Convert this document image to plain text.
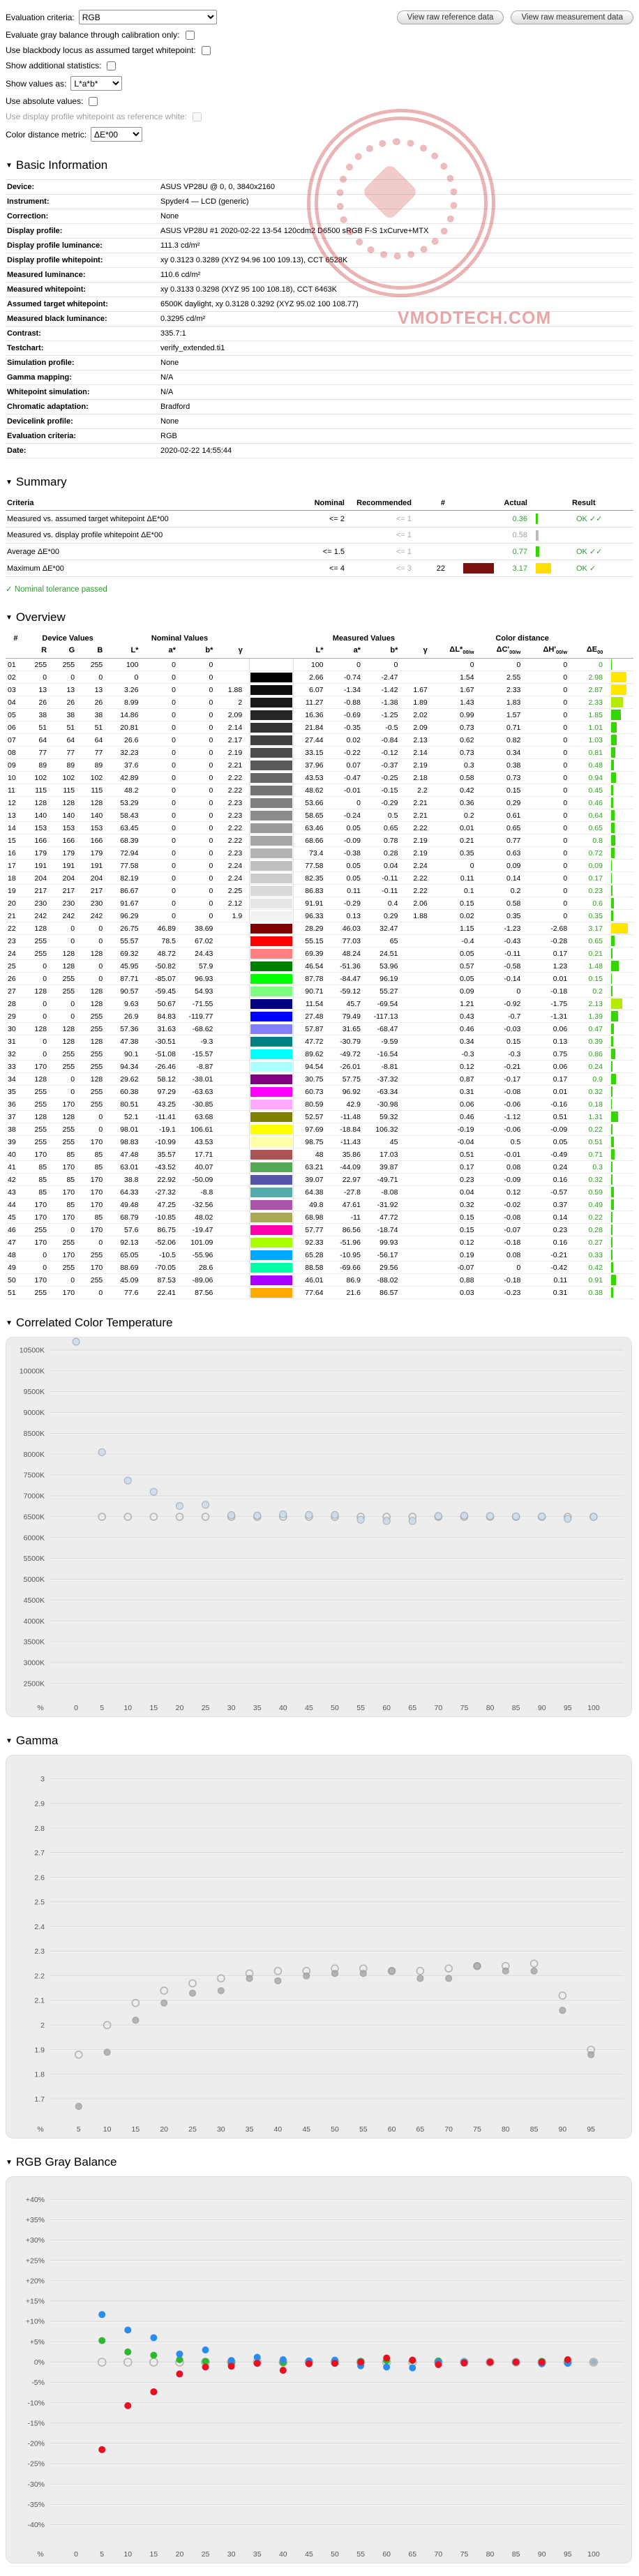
VMODTECH.COM
Evaluation criteria:
RGB	View raw reference data	View raw measurement data
Evaluate gray balance through calibration only:
Use blackbody locus as assumed target whitepoint:
Show additional statistics:
Show values as:
L*a*b*
Use absolute values:
Use display profile whitepoint as reference white:
Color distance metric:
ΔE*00
▼ Basic Information
Device:	ASUS VP28U @ 0, 0, 3840x2160
Instrument:	Spyder4 — LCD (generic)
Correction:	None
Display profile:	ASUS VP28U #1 2020-02-22 13-54 120cdm2 D6500 sRGB F-S 1xCurve+MTX
Display profile luminance:	111.3 cd/m²
Display profile whitepoint:	xy 0.3123 0.3289 (XYZ 94.96 100 109.13), CCT 6528K
Measured luminance:	110.6 cd/m²
Measured whitepoint:	xy 0.3133 0.3298 (XYZ 95 100 108.18), CCT 6463K
Assumed target whitepoint:	6500K daylight, xy 0.3128 0.3292 (XYZ 95.02 100 108.77)
Measured black luminance:	0.3295 cd/m²
Contrast:	335.7:1
Testchart:	verify_extended.ti1
Simulation profile:	None
Gamma mapping:	N/A
Whitepoint simulation:	N/A
Chromatic adaptation:	Bradford
Devicelink profile:	None
Evaluation criteria:	RGB
Date:	2020-02-22 14:55:44
▼ Summary
Criteria	Nominal	Recommended	#		Actual		Result
Measured vs. assumed target whitepoint ΔE*00	<= 2	<= 1			0.36		OK ✓✓
Measured vs. display profile whitepoint ΔE*00		<= 1			0.58	

Average ΔE*00	<= 1.5	<= 1			0.77		OK ✓✓
Maximum ΔE*00	<= 4	<= 3	22		3.17		OK ✓
✓ Nominal tolerance passed
▼ Overview
#	Device Values			Nominal Values					Measured Values				Color distance				
	R	G	B	L*	a*	b*	γ		L*	a*	b*	γ	$\Delta L*_{00/w}$	$\Delta C'_{00/w}$	$\Delta H'_{00/w}$	$\Delta E_{00}$	
01	255	255	255	100	0	0			100	0	0		0	0	0	0	

02	0	0	0	0	0	0			2.66	-0.74	-2.47		1.54	2.55	0	2.98	

03	13	13	13	3.26	0	0	1.88		6.07	-1.34	-1.42	1.67	1.67	2.33	0	2.87	

04	26	26	26	8.99	0	0	2		11.27	-0.88	-1.38	1.89	1.43	1.83	0	2.33	

05	38	38	38	14.86	0	0	2.09		16.36	-0.69	-1.25	2.02	0.99	1.57	0	1.85	

06	51	51	51	20.81	0	0	2.14		21.84	-0.35	-0.5	2.09	0.73	0.71	0	1.01	

07	64	64	64	26.6	0	0	2.17		27.44	0.02	-0.84	2.13	0.62	0.82	0	1.03	

08	77	77	77	32.23	0	0	2.19		33.15	-0.22	-0.12	2.14	0.73	0.34	0	0.81	

09	89	89	89	37.6	0	0	2.21		37.96	0.07	-0.37	2.19	0.3	0.38	0	0.48	

10	102	102	102	42.89	0	0	2.22		43.53	-0.47	-0.25	2.18	0.58	0.73	0	0.94	

11	115	115	115	48.2	0	0	2.22		48.62	-0.01	-0.15	2.2	0.42	0.15	0	0.45	

12	128	128	128	53.29	0	0	2.23		53.66	0	-0.29	2.21	0.36	0.29	0	0.46	

13	140	140	140	58.43	0	0	2.23		58.65	-0.24	0.5	2.21	0.2	0.61	0	0.64	

14	153	153	153	63.45	0	0	2.22		63.46	0.05	0.65	2.22	0.01	0.65	0	0.65	

15	166	166	166	68.39	0	0	2.22		68.66	-0.09	0.78	2.19	0.21	0.77	0	0.8	

16	179	179	179	72.94	0	0	2.23		73.4	-0.38	0.28	2.19	0.35	0.63	0	0.72	

17	191	191	191	77.58	0	0	2.24		77.58	0.05	0.04	2.24	0	0.09	0	0.09	

18	204	204	204	82.19	0	0	2.24		82.35	0.05	-0.11	2.22	0.11	0.14	0	0.17	

19	217	217	217	86.67	0	0	2.25		86.83	0.11	-0.11	2.22	0.1	0.2	0	0.23	

20	230	230	230	91.67	0	0	2.12		91.91	-0.29	0.4	2.06	0.15	0.58	0	0.6	

21	242	242	242	96.29	0	0	1.9		96.33	0.13	0.29	1.88	0.02	0.35	0	0.35	

22	128	0	0	26.75	46.89	38.69			28.29	46.03	32.47		1.15	-1.23	-2.68	3.17	

23	255	0	0	55.57	78.5	67.02			55.15	77.03	65		-0.4	-0.43	-0.28	0.65	

24	255	128	128	69.32	48.72	24.43			69.39	48.24	24.51		0.05	-0.11	0.17	0.21	

25	0	128	0	45.95	-50.82	57.9			46.54	-51.36	53.96		0.57	-0.58	1.23	1.48	

26	0	255	0	87.71	-85.07	96.93			87.78	-84.47	96.19		0.05	-0.14	0.01	0.15	

27	128	255	128	90.57	-59.45	54.93			90.71	-59.12	55.27		0.09	0	-0.18	0.2	

28	0	0	128	9.63	50.67	-71.55			11.54	45.7	-69.54		1.21	-0.92	-1.75	2.13	

29	0	0	255	26.9	84.83	-119.77			27.48	79.49	-117.13		0.43	-0.7	-1.31	1.39	

30	128	128	255	57.36	31.63	-68.62			57.87	31.65	-68.47		0.46	-0.03	0.06	0.47	

31	0	128	128	47.38	-30.51	-9.3			47.72	-30.79	-9.59		0.34	0.15	0.13	0.39	

32	0	255	255	90.1	-51.08	-15.57			89.62	-49.72	-16.54		-0.3	-0.3	0.75	0.86	

33	170	255	255	94.34	-26.46	-8.87			94.54	-26.01	-8.81		0.12	-0.21	0.06	0.24	

34	128	0	128	29.62	58.12	-38.01			30.75	57.75	-37.32		0.87	-0.17	0.17	0.9	

35	255	0	255	60.38	97.29	-63.63			60.73	96.92	-63.34		0.31	-0.08	0.01	0.32	

36	255	170	255	80.51	43.25	-30.85			80.59	42.9	-30.98		0.06	-0.06	-0.16	0.18	

37	128	128	0	52.1	-11.41	63.68			52.57	-11.48	59.32		0.46	-1.12	0.51	1.31	

38	255	255	0	98.01	-19.1	106.61			97.69	-18.84	106.32		-0.19	-0.06	-0.09	0.22	

39	255	255	170	98.83	-10.99	43.53			98.75	-11.43	45		-0.04	0.5	0.05	0.51	

40	170	85	85	47.48	35.57	17.71			48	35.86	17.03		0.51	-0.01	-0.49	0.71	

41	85	170	85	63.01	-43.52	40.07			63.21	-44.09	39.87		0.17	0.08	0.24	0.3	

42	85	85	170	38.8	22.92	-50.09			39.07	22.97	-49.71		0.23	-0.09	0.16	0.32	

43	85	170	170	64.33	-27.32	-8.8			64.38	-27.8	-8.08		0.04	0.12	-0.57	0.59	

44	170	85	170	49.48	47.25	-32.56			49.8	47.61	-31.92		0.32	-0.02	0.37	0.49	

45	170	170	85	68.79	-10.85	48.02			68.98	-11	47.72		0.15	-0.08	0.14	0.22	

46	255	0	170	57.6	86.75	-19.47			57.77	86.56	-18.74		0.15	-0.07	0.23	0.28	

47	170	255	0	92.13	-52.06	101.09			92.33	-51.96	99.93		0.12	-0.18	0.16	0.27	

48	0	170	255	65.05	-10.5	-55.96			65.28	-10.95	-56.17		0.19	0.08	-0.21	0.33	

49	0	255	170	88.69	-70.05	28.6			88.58	-69.66	29.56		-0.07	0	-0.42	0.42	

50	170	0	255	45.09	87.53	-89.06			46.01	86.9	-88.02		0.88	-0.18	0.11	0.91	

51	255	170	0	77.6	22.41	87.56			77.64	21.6	86.57		0.03	-0.23	0.31	0.38	
▼ Correlated Color Temperature
10500K
10000K
9500K
9000K
8500K
8000K
7500K
7000K
6500K
6000K
5500K
5000K
4500K
4000K
3500K
3000K
2500K
%	0	5	10 15 20 25 30 35 40 45 50 55 60 65 70 75 80 85 90 95 100
▼ Gamma
3
2.9
2.8
2.7
2.6
2.5
2.4
2.3
2.2
2.1
2
1.9
1.8
1.7
%	5	10	15	20	25	30	35	40	45	50	55	60	65	70	75	80	85	90	95
▼ RGB Gray Balance
+40%
+35%
+30%
+25%
+20%
+15%
+10%
+5%
0%
-5%
-10%
-15%
-20%
-25%
-30%
-35%
-40%
%	0	5	10 15 20 25 30 35 40 45 50 55 60 65 70 75 80 85 90 95 100
